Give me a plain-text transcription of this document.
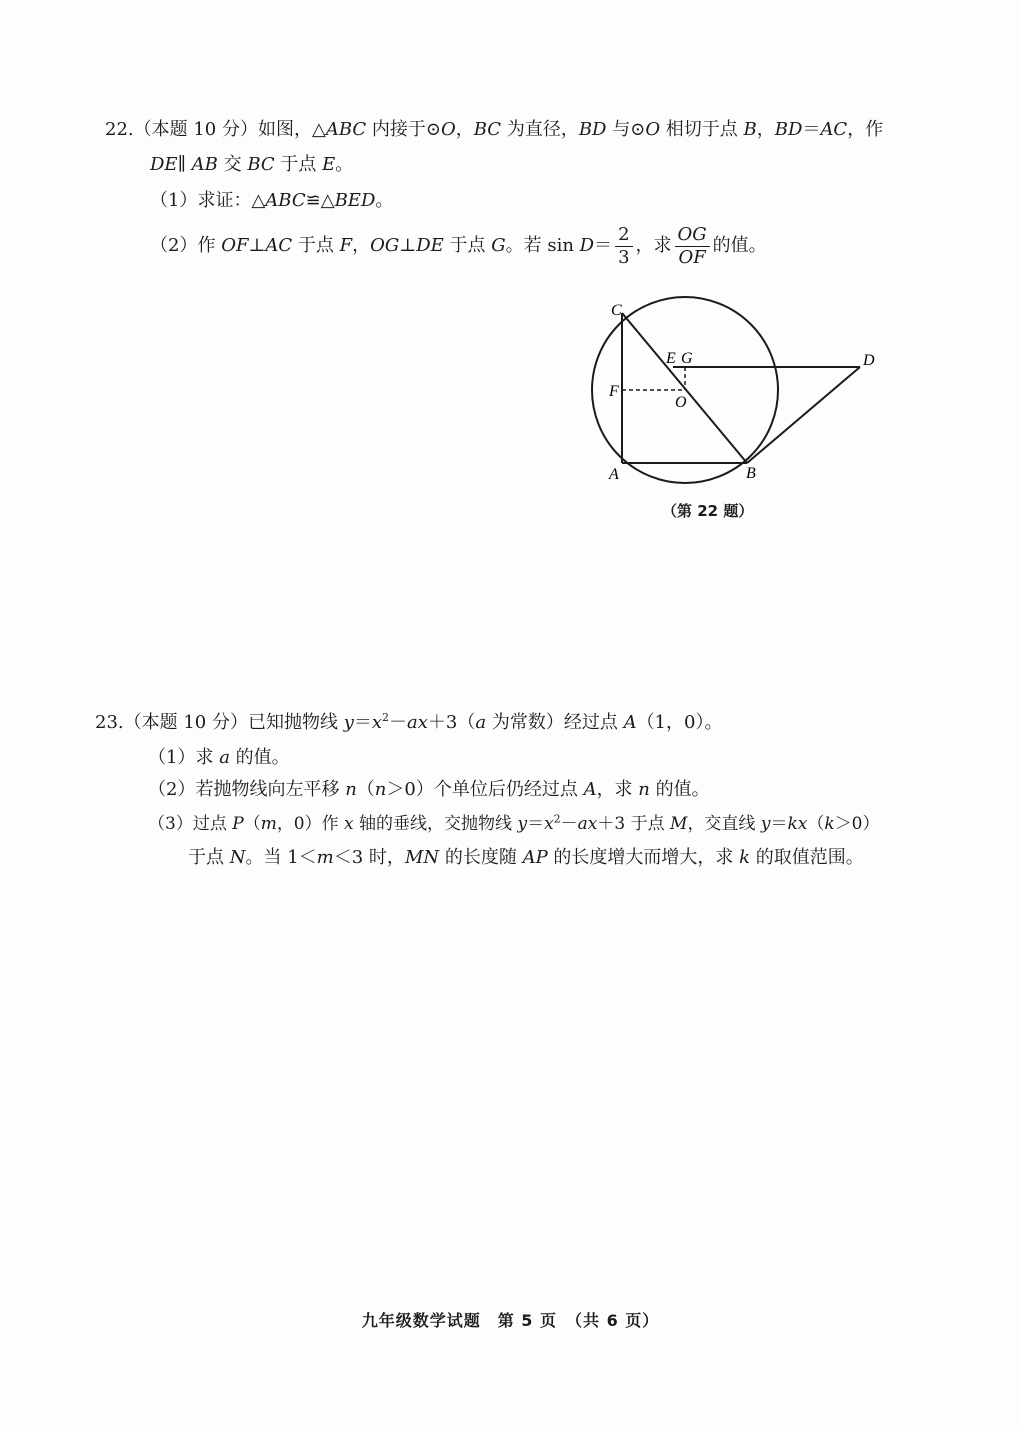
22.（本题 10 分）如图，△ABC 内接于⊙O，BC 为直径，BD 与⊙O 相切于点 B，BD＝AC，作
DE∥ AB 交 BC 于点 E。
（1）求证：△ABC≌△BED。
（2）作 OF⊥AC 于点 F，OG⊥DE 于点 G。若 $\sin D= \frac{2}{3}$ ，求 $\frac{OG}{OF}$ 的值。
C
E G	D
F
O
A	B
（第 22 题）
23.（本题 10 分）已知抛物线 $y=x^2-ax+3(a$ 为常数）经过点 A（1，0）。
（1）求 a 的值。
（2）若抛物线向左平移 n（n＞0）个单位后仍经过点 A，求 n 的值。
（3）过点 P（m，0）作 x 轴的垂线，交抛物线 $y=x^2-ax+3$ 于点 M，交直线 y＝kx（k＞0）
于点 N。当 1＜m＜3 时，MN 的长度随 AP 的长度增大而增大，求 k 的取值范围。
九年级数学试题　第 5 页　（共 6 页）
